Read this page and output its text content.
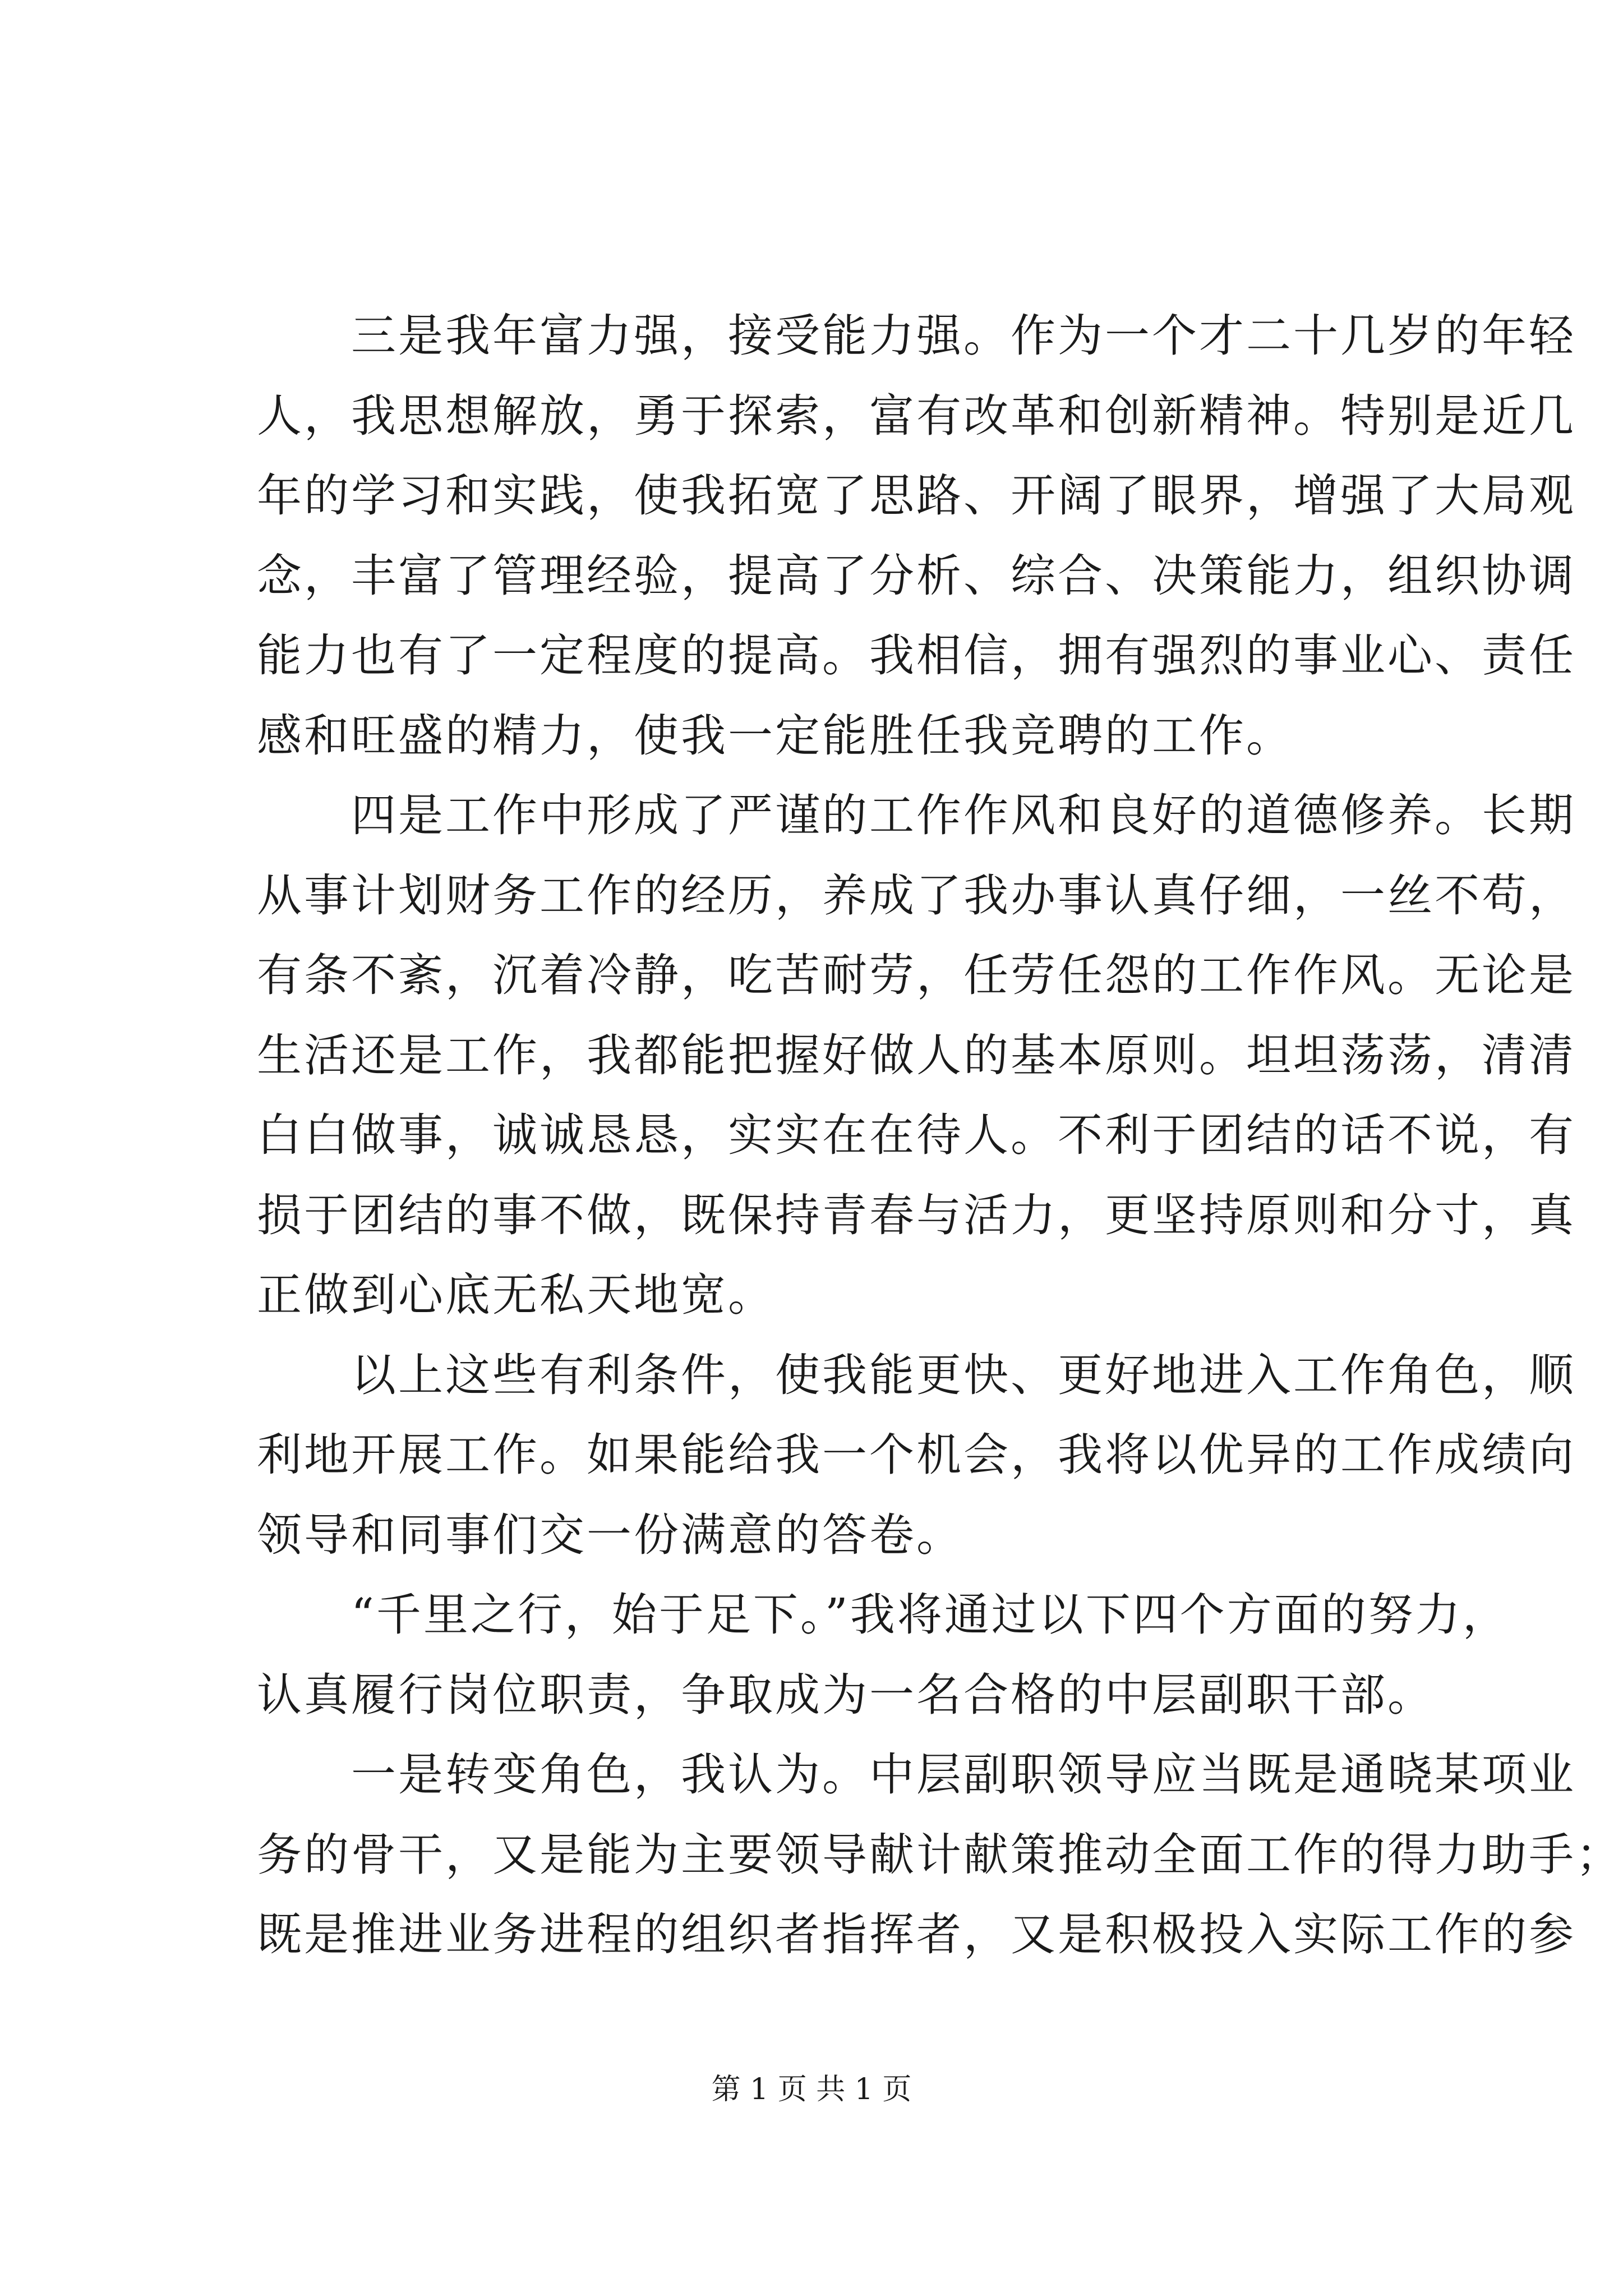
　　三是我年富力强，接受能力强。作为一个才二十几岁的年轻
人，我思想解放，勇于探索，富有改革和创新精神。特别是近几
年的学习和实践，使我拓宽了思路、开阔了眼界，增强了大局观
念，丰富了管理经验，提高了分析、综合、决策能力，组织协调
能力也有了一定程度的提高。我相信，拥有强烈的事业心、责任
感和旺盛的精力，使我一定能胜任我竞聘的工作。
　　四是工作中形成了严谨的工作作风和良好的道德修养。长期
从事计划财务工作的经历，养成了我办事认真仔细，一丝不苟，
有条不紊，沉着冷静，吃苦耐劳，任劳任怨的工作作风。无论是
生活还是工作，我都能把握好做人的基本原则。坦坦荡荡，清清
白白做事，诚诚恳恳，实实在在待人。不利于团结的话不说，有
损于团结的事不做，既保持青春与活力，更坚持原则和分寸，真
正做到心底无私天地宽。
　　以上这些有利条件，使我能更快、更好地进入工作角色，顺
利地开展工作。如果能给我一个机会，我将以优异的工作成绩向
领导和同事们交一份满意的答卷。
　　“千里之行，始于足下。”我将通过以下四个方面的努力，
认真履行岗位职责，争取成为一名合格的中层副职干部。
　　一是转变角色，我认为。中层副职领导应当既是通晓某项业
务的骨干，又是能为主要领导献计献策推动全面工作的得力助手；
既是推进业务进程的组织者指挥者，又是积极投入实际工作的参
第 1 页 共 1 页
